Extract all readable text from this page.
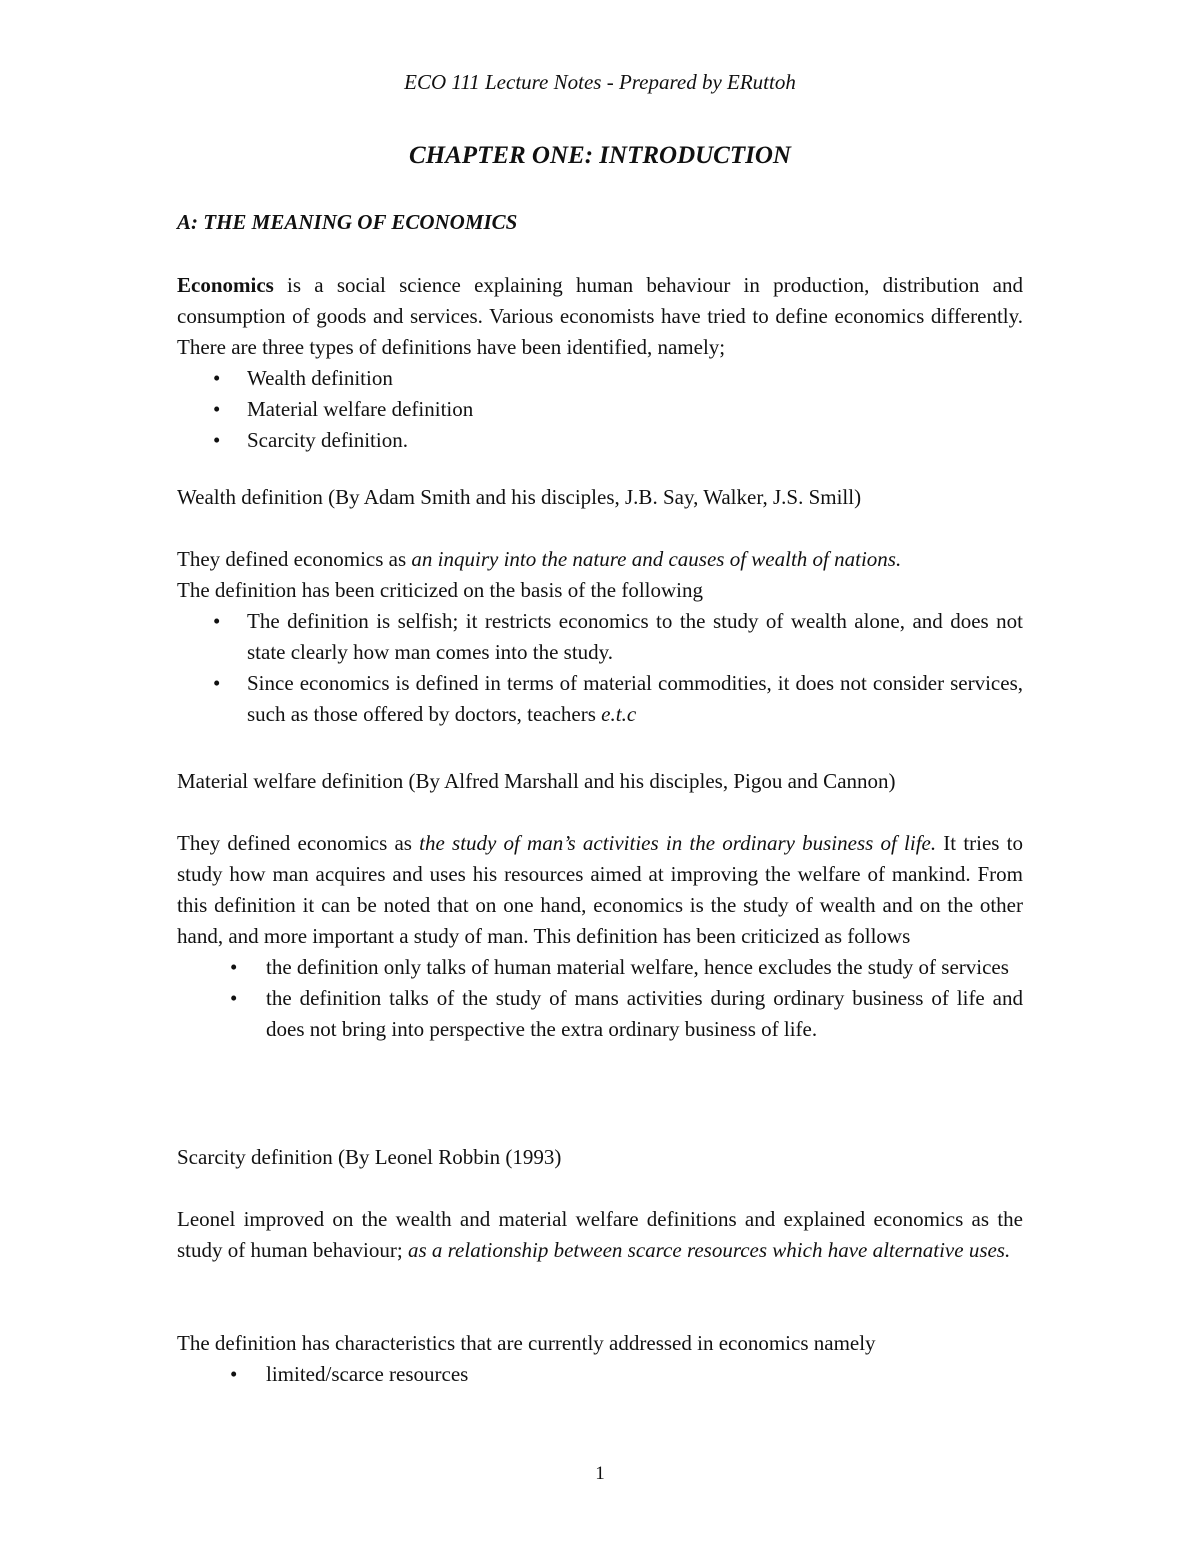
ECO 111 Lecture Notes - Prepared by ERuttoh
CHAPTER ONE: INTRODUCTION
A: THE MEANING OF ECONOMICS

Economics is a social science explaining human behaviour in production, distribution and consumption of goods and services. Various economists have tried to define economics differently. There are three types of definitions have been identified, namely;

• Wealth definition
• Material welfare definition
• Scarcity definition.
Wealth definition (By Adam Smith and his disciples, J.B. Say, Walker, J.S. Smill)

They defined economics as an inquiry into the nature and causes of wealth of nations.

The definition has been criticized on the basis of the following

• The definition is selfish; it restricts economics to the study of wealth alone, and does not state clearly how man comes into the study.
• Since economics is defined in terms of material commodities, it does not consider services, such as those offered by doctors, teachers e.t.c
Material welfare definition (By Alfred Marshall and his disciples, Pigou and Cannon)

They defined economics as the study of man’s activities in the ordinary business of life. It tries to study how man acquires and uses his resources aimed at improving the welfare of mankind. From this definition it can be noted that on one hand, economics is the study of wealth and on the other hand, and more important a study of man. This definition has been criticized as follows

• the definition only talks of human material welfare, hence excludes the study of services
• the definition talks of the study of mans activities during ordinary business of life and does not bring into perspective the extra ordinary business of life.
Scarcity definition (By Leonel Robbin (1993)

Leonel improved on the wealth and material welfare definitions and explained economics as the study of human behaviour; as a relationship between scarce resources which have alternative uses.

The definition has characteristics that are currently addressed in economics namely

• limited/scarce resources
1
